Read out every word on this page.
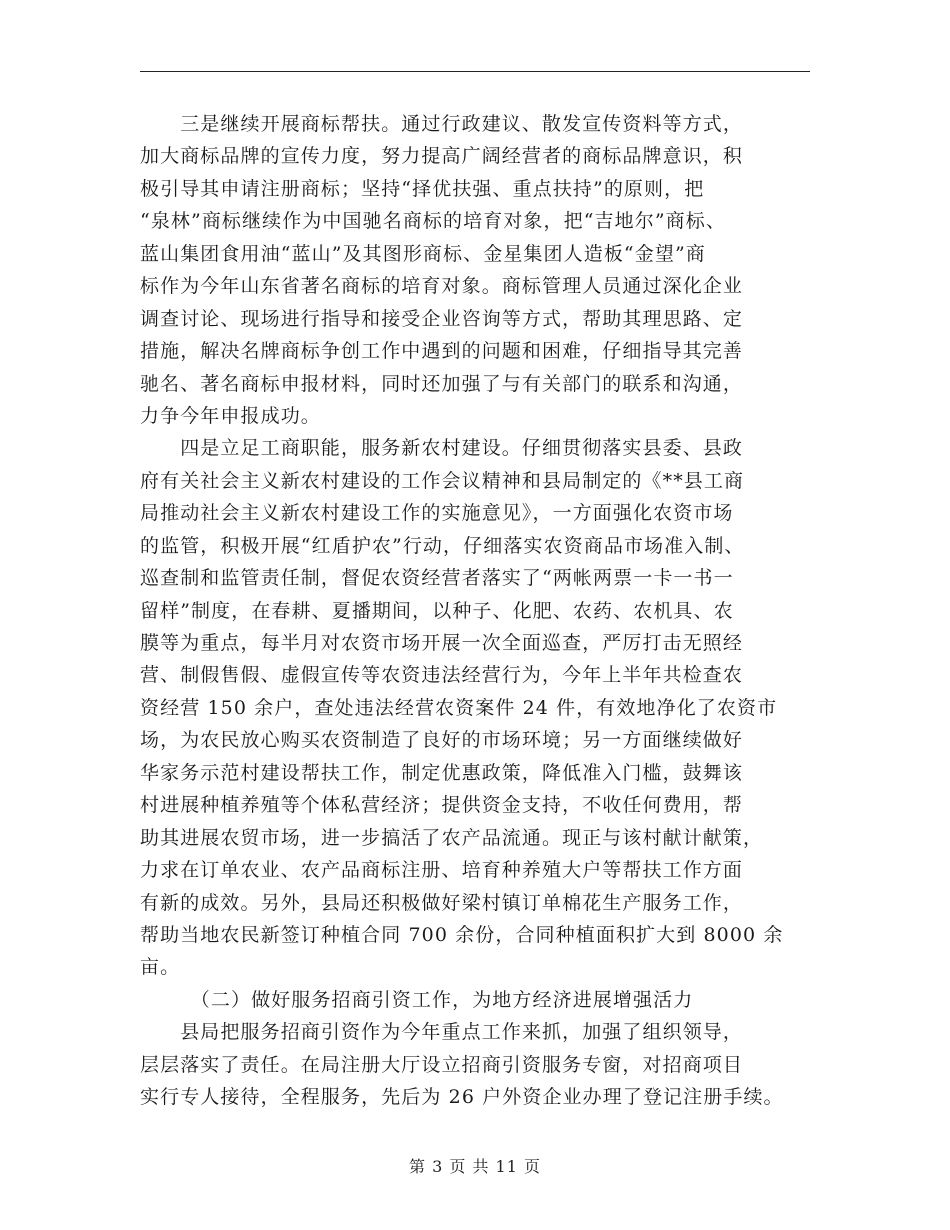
　　三是继续开展商标帮扶。通过行政建议、散发宣传资料等方式，
加大商标品牌的宣传力度，努力提高广阔经营者的商标品牌意识，积
极引导其申请注册商标；坚持“择优扶强、重点扶持”的原则，把
“泉林”商标继续作为中国驰名商标的培育对象，把“吉地尔”商标、
蓝山集团食用油“蓝山”及其图形商标、金星集团人造板“金望”商
标作为今年山东省著名商标的培育对象。商标管理人员通过深化企业
调查讨论、现场进行指导和接受企业咨询等方式，帮助其理思路、定
措施，解决名牌商标争创工作中遇到的问题和困难，仔细指导其完善
驰名、著名商标申报材料，同时还加强了与有关部门的联系和沟通，
力争今年申报成功。
　　四是立足工商职能，服务新农村建设。仔细贯彻落实县委、县政
府有关社会主义新农村建设的工作会议精神和县局制定的《**县工商
局推动社会主义新农村建设工作的实施意见》，一方面强化农资市场
的监管，积极开展“红盾护农”行动，仔细落实农资商品市场准入制、
巡查制和监管责任制，督促农资经营者落实了“两帐两票一卡一书一
留样”制度，在春耕、夏播期间，以种子、化肥、农药、农机具、农
膜等为重点，每半月对农资市场开展一次全面巡查，严厉打击无照经
营、制假售假、虚假宣传等农资违法经营行为，今年上半年共检查农
资经营 150 余户，查处违法经营农资案件 24 件，有效地净化了农资市
场，为农民放心购买农资制造了良好的市场环境；另一方面继续做好
华家务示范村建设帮扶工作，制定优惠政策，降低准入门槛，鼓舞该
村进展种植养殖等个体私营经济；提供资金支持，不收任何费用，帮
助其进展农贸市场，进一步搞活了农产品流通。现正与该村献计献策，
力求在订单农业、农产品商标注册、培育种养殖大户等帮扶工作方面
有新的成效。另外，县局还积极做好梁村镇订单棉花生产服务工作，
帮助当地农民新签订种植合同 700 余份，合同种植面积扩大到 8000 余
亩。
　　　（二）做好服务招商引资工作，为地方经济进展增强活力
　　县局把服务招商引资作为今年重点工作来抓，加强了组织领导，
层层落实了责任。在局注册大厅设立招商引资服务专窗，对招商项目
实行专人接待，全程服务，先后为 26 户外资企业办理了登记注册手续。
第 3 页 共 11 页
